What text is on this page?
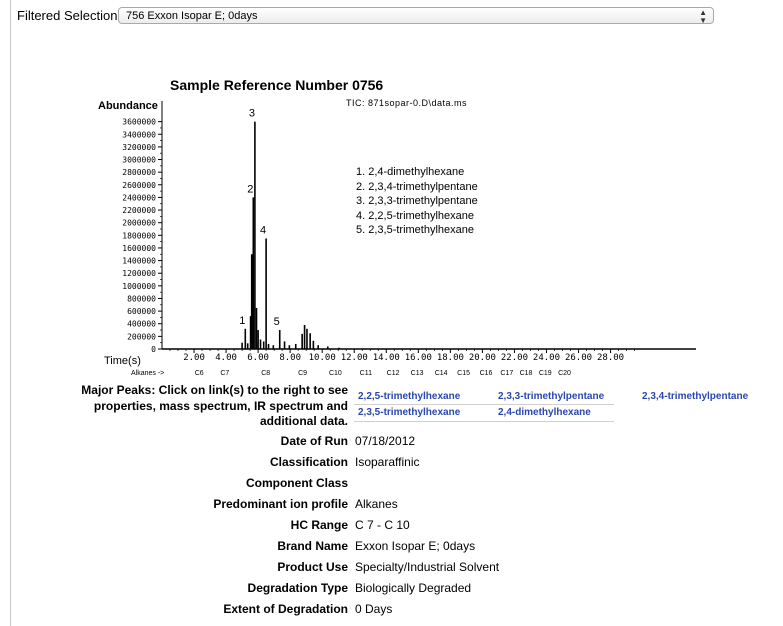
Filtered Selection 756 Exxon Isopar E; 0days	▲
▼
Sample Reference Number 0756
TIC: 871sopar-0.D\data.ms
Abundance
3600000
3400000
3200000
3000000
2800000
2600000
2400000
2200000
2000000
1800000
1600000
1400000
1200000
1000000
800000
600000
400000
200000
0
Time(s)	2.00 4.00 6.00 8.00 10.00 12.00 14.00 16.00 18.00 20.00 22.00 24.00 26.00 28.00
Alkanes ->	C6 C7	C8	C9	C10	C11 C12 C13 C14 C15 C16 C17 C18 C19 C20
1
2
3
4
5
1. 2,4-dimethylhexane
2. 2,3,4-trimethylpentane
3. 2,3,3-trimethylpentane
4. 2,2,5-trimethylhexane
5. 2,3,5-trimethylhexane
Major Peaks: Click on link(s) to the right to see properties, mass spectrum, IR spectrum and additional data.
2,2,5-trimethylhexane	2,3,3-trimethylpentane	2,3,4-trimethylpentane
2,3,5-trimethylhexane	2,4-dimethylhexane
Date of Run 07/18/2012
Classification Isoparaffinic
Component Class
Predominant ion profile Alkanes
HC Range C 7 - C 10
Brand Name Exxon Isopar E; 0days
Product Use Specialty/Industrial Solvent
Degradation Type Biologically Degraded
Extent of Degradation 0 Days
